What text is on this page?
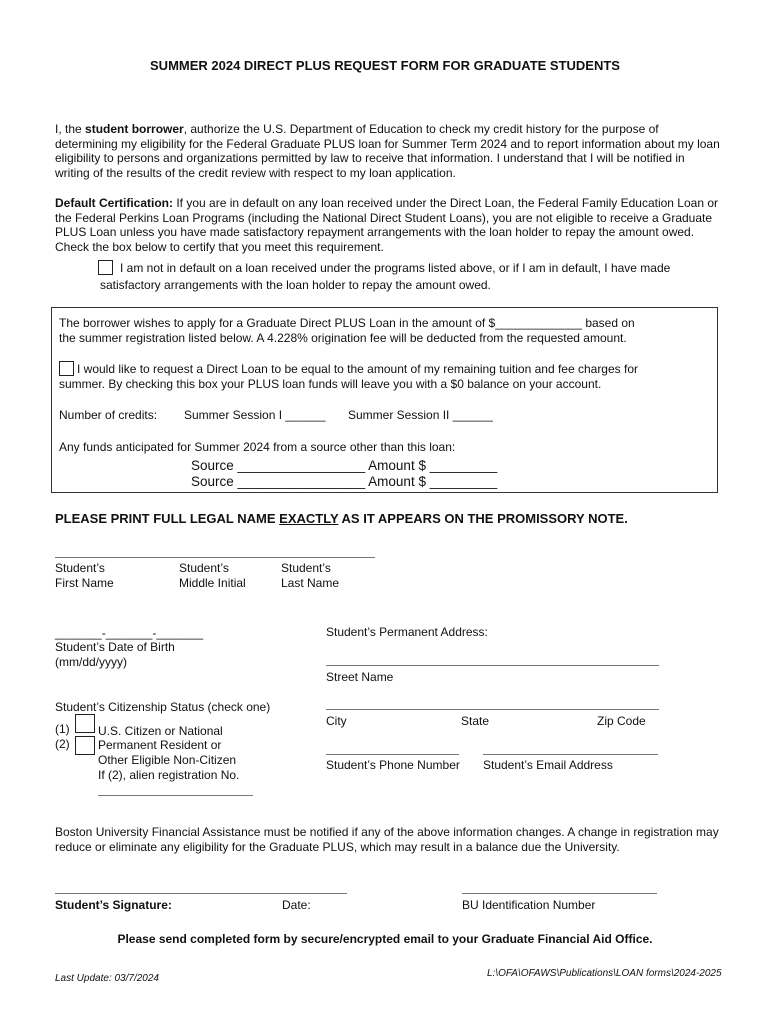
SUMMER 2024 DIRECT PLUS REQUEST FORM FOR GRADUATE STUDENTS
I, the student borrower, authorize the U.S. Department of Education to check my credit history for the purpose of determining my eligibility for the Federal Graduate PLUS loan for Summer Term 2024 and to report information about my loan eligibility to persons and organizations permitted by law to receive that information. I understand that I will be notified in writing of the results of the credit review with respect to my loan application.
Default Certification: If you are in default on any loan received under the Direct Loan, the Federal Family Education Loan or the Federal Perkins Loan Programs (including the National Direct Student Loans), you are not eligible to receive a Graduate PLUS Loan unless you have made satisfactory repayment arrangements with the loan holder to repay the amount owed. Check the box below to certify that you meet this requirement.
I am not in default on a loan received under the programs listed above, or if I am in default, I have made
satisfactory arrangements with the loan holder to repay the amount owed.
The borrower wishes to apply for a Graduate Direct PLUS Loan in the amount of $_____________ based on
the summer registration listed below. A 4.228% origination fee will be deducted from the requested amount.
I would like to request a Direct Loan to be equal to the amount of my remaining tuition and fee charges for
summer. By checking this box your PLUS loan funds will leave you with a $0 balance on your account.
Number of credits: Summer Session I ______ Summer Session II ______
Any funds anticipated for Summer 2024 from a source other than this loan:
Source _________________ Amount $ _________
Source _________________ Amount $ _________
PLEASE PRINT FULL LEGAL NAME EXACTLY AS IT APPEARS ON THE PROMISSORY NOTE.
Student’s
First Name
Student’s
Middle Initial
Student’s
Last Name
_______-_______-_______
Student’s Date of Birth
(mm/dd/yyyy)
Student’s Permanent Address:
Street Name
City	State	Zip Code
Student’s Phone Number Student’s Email Address
Student’s Citizenship Status (check one)
(1) U.S. Citizen or National
(2) Permanent Resident or
Other Eligible Non-Citizen
If (2), alien registration No.
Boston University Financial Assistance must be notified if any of the above information changes. A change in registration may reduce or eliminate any eligibility for the Graduate PLUS, which may result in a balance due the University.
Student’s Signature:	Date:	BU Identification Number
Please send completed form by secure/encrypted email to your Graduate Financial Aid Office.
Last Update: 03/7/2024	L:\OFA\OFAWS\Publications\LOAN forms\2024-2025
